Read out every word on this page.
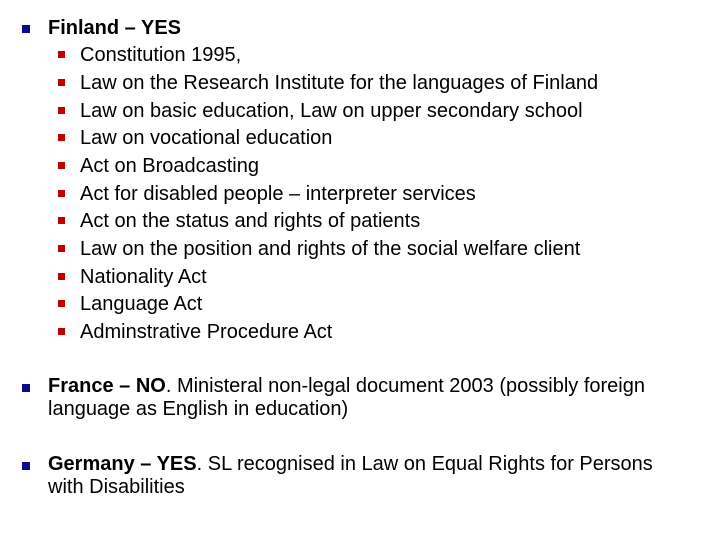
Finland – YES
Constitution 1995,
Law on the Research Institute for the languages of Finland
Law on basic education, Law on upper secondary school
Law on vocational education
Act on Broadcasting
Act for disabled people – interpreter services
Act on the status and rights of patients
Law on the position and rights of the social welfare client
Nationality Act
Language Act
Adminstrative Procedure Act
France – NO. Ministeral non-legal document 2003 (possibly foreign language as English in education)
Germany – YES. SL recognised in Law on Equal Rights for Persons with Disabilities
